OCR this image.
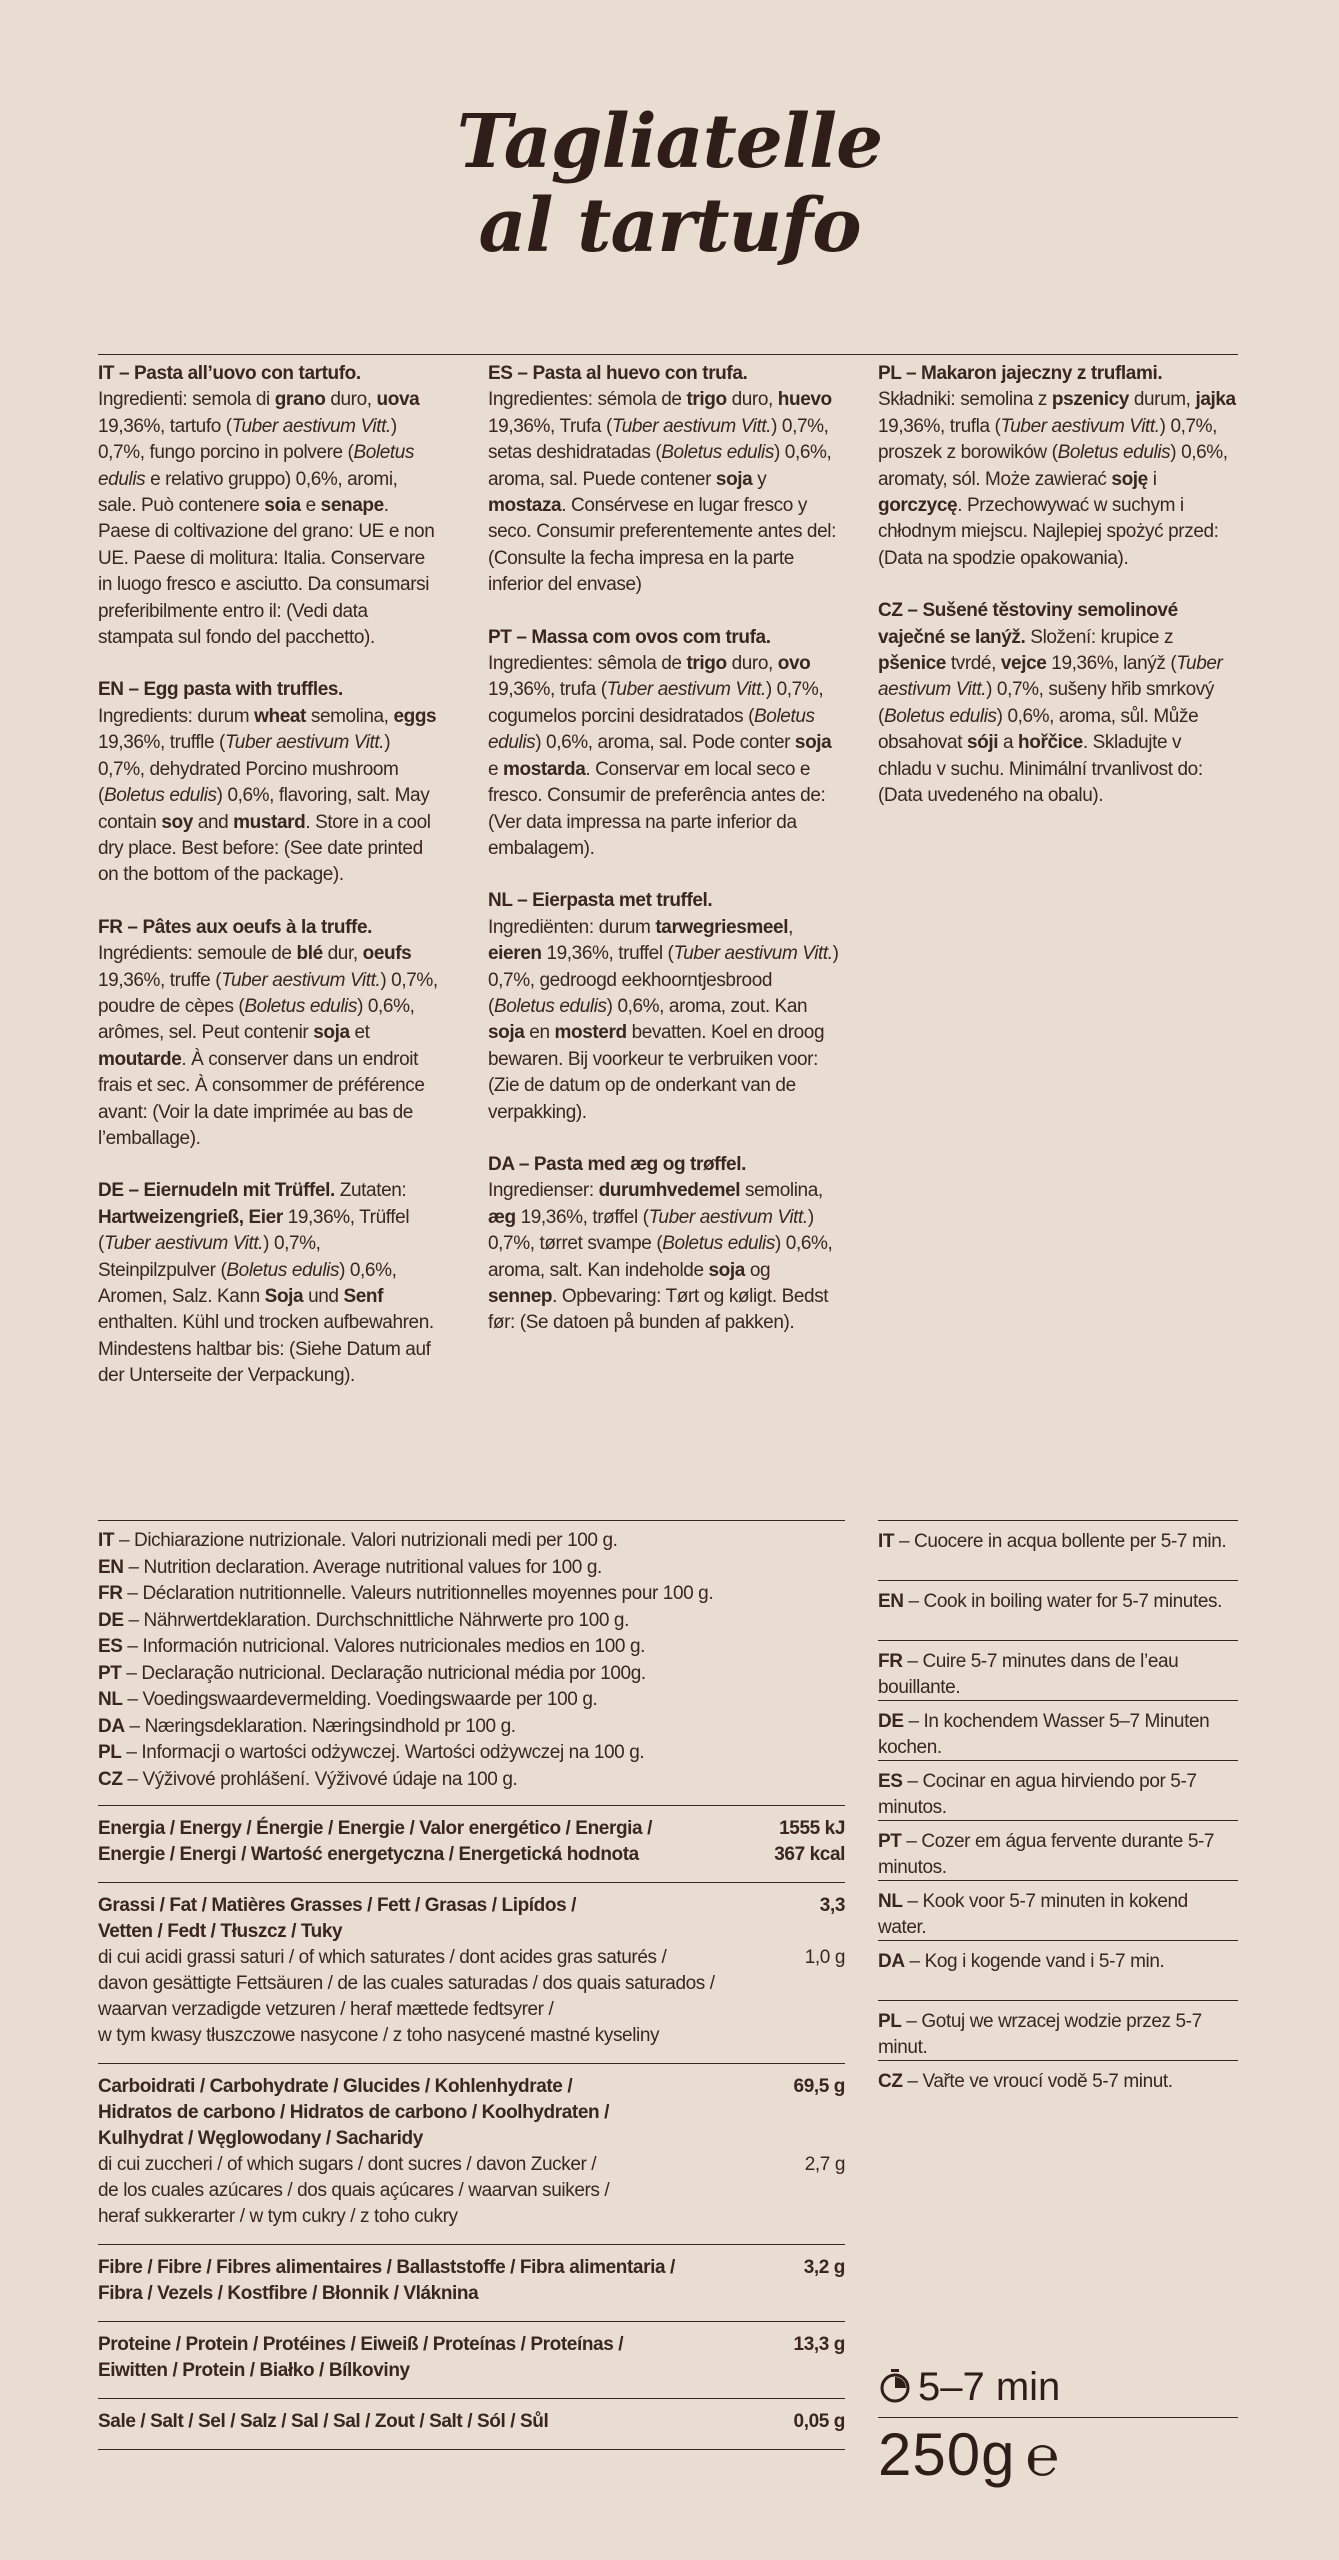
Tagliatelle
al tartufo
IT – Pasta all’uovo con tartufo.
Ingredienti: semola di grano duro, uova 19,36%, tartufo (Tuber aestivum Vitt.) 0,7%, fungo porcino in polvere (Boletus edulis e relativo gruppo) 0,6%, aromi, sale. Può contenere soia e senape. Paese di coltivazione del grano: UE e non UE. Paese di molitura: Italia. Conservare in luogo fresco e asciutto. Da consumarsi preferibilmente entro il: (Vedi data stampata sul fondo del pacchetto).
EN – Egg pasta with truffles.
Ingredients: durum wheat semolina, eggs 19,36%, truffle (Tuber aestivum Vitt.) 0,7%, dehydrated Porcino mushroom (Boletus edulis) 0,6%, flavoring, salt. May contain soy and mustard. Store in a cool dry place. Best before: (See date printed on the bottom of the package).
FR – Pâtes aux oeufs à la truffe.
Ingrédients: semoule de blé dur, oeufs 19,36%, truffe (Tuber aestivum Vitt.) 0,7%, poudre de cèpes (Boletus edulis) 0,6%, arômes, sel. Peut contenir soja et moutarde. À conserver dans un endroit frais et sec. À consommer de préférence avant: (Voir la date imprimée au bas de l’emballage).
DE – Eiernudeln mit Trüffel. Zutaten: Hartweizengrieß, Eier 19,36%, Trüffel (Tuber aestivum Vitt.) 0,7%, Steinpilzpulver (Boletus edulis) 0,6%, Aromen, Salz. Kann Soja und Senf enthalten. Kühl und trocken aufbewahren. Mindestens haltbar bis: (Siehe Datum auf der Unterseite der Verpackung).
ES – Pasta al huevo con trufa.
Ingredientes: sémola de trigo duro, huevo 19,36%, Trufa (Tuber aestivum Vitt.) 0,7%, setas deshidratadas (Boletus edulis) 0,6%, aroma, sal. Puede contener soja y mostaza. Consérvese en lugar fresco y seco. Consumir preferentemente antes del: (Consulte la fecha impresa en la parte inferior del envase)
PT – Massa com ovos com trufa.
Ingredientes: sêmola de trigo duro, ovo 19,36%, trufa (Tuber aestivum Vitt.) 0,7%, cogumelos porcini desidratados (Boletus edulis) 0,6%, aroma, sal. Pode conter soja e mostarda. Conservar em local seco e fresco. Consumir de preferência antes de: (Ver data impressa na parte inferior da embalagem).
NL – Eierpasta met truffel.
Ingrediënten: durum tarwegriesmeel, eieren 19,36%, truffel (Tuber aestivum Vitt.) 0,7%, gedroogd eekhoorntjesbrood (Boletus edulis) 0,6%, aroma, zout. Kan soja en mosterd bevatten. Koel en droog bewaren. Bij voorkeur te verbruiken voor: (Zie de datum op de onderkant van de verpakking).
DA – Pasta med æg og trøffel.
Ingredienser: durumhvedemel semolina, æg 19,36%, trøffel (Tuber aestivum Vitt.) 0,7%, tørret svampe (Boletus edulis) 0,6%, aroma, salt. Kan indeholde soja og sennep. Opbevaring: Tørt og køligt. Bedst før: (Se datoen på bunden af pakken).
PL – Makaron jajeczny z truflami.
Składniki: semolina z pszenicy durum, jajka 19,36%, trufla (Tuber aestivum Vitt.) 0,7%, proszek z borowików (Boletus edulis) 0,6%, aromaty, sól. Może zawierać soję i gorczycę. Przechowywać w suchym i chłodnym miejscu. Najlepiej spożyć przed: (Data na spodzie opakowania).
CZ – Sušené těstoviny semolinové vaječné se lanýž. Složení: krupice z pšenice tvrdé, vejce 19,36%, lanýž (Tuber aestivum Vitt.) 0,7%, sušeny hřib smrkový (Boletus edulis) 0,6%, aroma, sůl. Může obsahovat sóji a hořčice. Skladujte v chladu v suchu. Minimální trvanlivost do: (Data uvedeného na obalu).
IT – Dichiarazione nutrizionale. Valori nutrizionali medi per 100 g.
EN – Nutrition declaration. Average nutritional values for 100 g.
FR – Déclaration nutritionnelle. Valeurs nutritionnelles moyennes pour 100 g.
DE – Nährwertdeklaration. Durchschnittliche Nährwerte pro 100 g.
ES – Información nutricional. Valores nutricionales medios en 100 g.
PT – Declaração nutricional. Declaração nutricional média por 100g.
NL – Voedingswaardevermelding. Voedingswaarde per 100 g.
DA – Næringsdeklaration. Næringsindhold pr 100 g.
PL – Informacji o wartości odżywczej. Wartości odżywczej na 100 g.
CZ – Výživové prohlášení. Výživové údaje na 100 g.
Energia / Energy / Énergie / Energie / Valor energético / Energia /
Energie / Energi / Wartość energetyczna / Energetická hodnota
1555 kJ
367 kcal
Grassi / Fat / Matières Grasses / Fett / Grasas / Lipídos /
Vetten / Fedt / Tłuszcz / Tuky
3,3
di cui acidi grassi saturi / of which saturates / dont acides gras saturés /
davon gesättigte Fettsäuren / de las cuales saturadas / dos quais saturados /
waarvan verzadigde vetzuren / heraf mættede fedtsyrer /
w tym kwasy tłuszczowe nasycone / z toho nasycené mastné kyseliny
1,0 g
Carboidrati / Carbohydrate / Glucides / Kohlenhydrate /
Hidratos de carbono / Hidratos de carbono / Koolhydraten /
Kulhydrat / Węglowodany / Sacharidy
69,5 g
di cui zuccheri / of which sugars / dont sucres / davon Zucker /
de los cuales azúcares / dos quais açúcares / waarvan suikers /
heraf sukkerarter / w tym cukry / z toho cukry
2,7 g
Fibre / Fibre / Fibres alimentaires / Ballaststoffe / Fibra alimentaria /
Fibra / Vezels / Kostfibre / Błonnik / Vláknina
3,2 g
Proteine / Protein / Protéines / Eiweiß / Proteínas / Proteínas /
Eiwitten / Protein / Białko / Bílkoviny
13,3 g
Sale / Salt / Sel / Salz / Sal / Sal / Zout / Salt / Sól / Sůl	0,05 g
IT – Cuocere in acqua bollente per 5-7 min.
EN – Cook in boiling water for 5-7 minutes.
FR – Cuire 5-7 minutes dans de l’eau bouillante.
DE – In kochendem Wasser 5–7 Minuten kochen.
ES – Cocinar en agua hirviendo por 5-7 minutos.
PT – Cozer em água fervente durante 5-7 minutos.
NL – Kook voor 5-7 minuten in kokend water.
DA – Kog i kogende vand i 5-7 min.
PL – Gotuj we wrzacej wodzie przez 5-7 minut.
CZ – Vařte ve vroucí vodě 5-7 minut.
5–7 min
250g ℮
